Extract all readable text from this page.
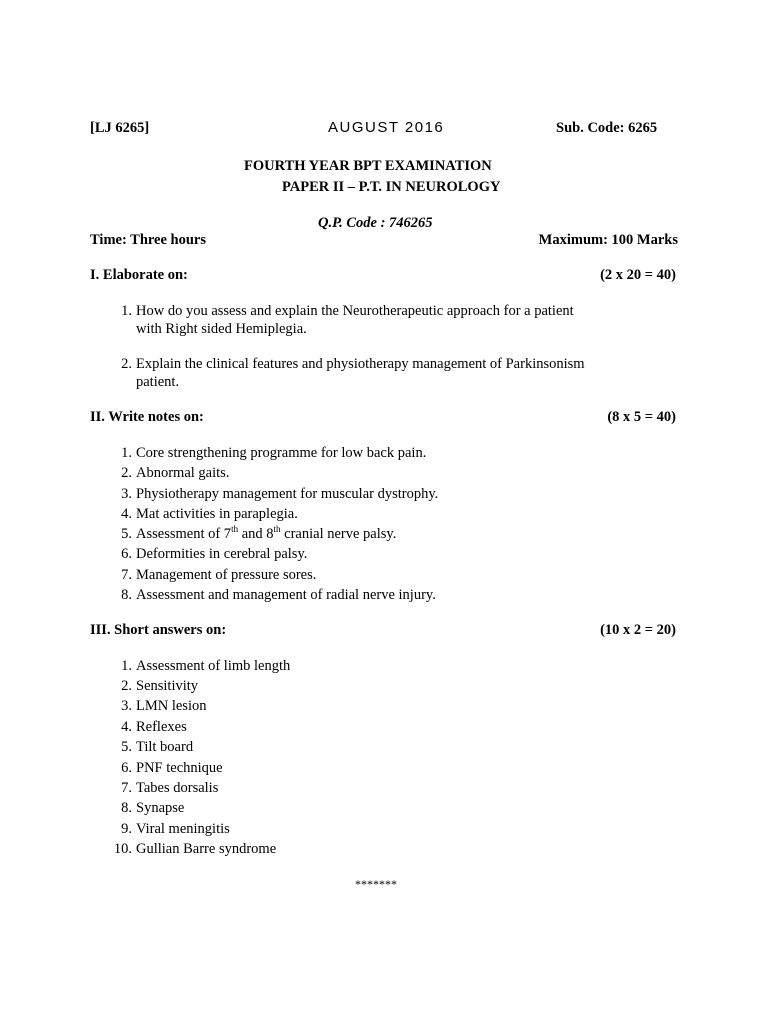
[LJ 6265]	AUGUST 2016	Sub. Code: 6265
FOURTH YEAR BPT EXAMINATION
PAPER II – P.T. IN NEUROLOGY
Q.P. Code : 746265
Time: Three hours	Maximum: 100 Marks
I. Elaborate on:	(2 x 20 = 40)
1. How do you assess and explain the Neurotherapeutic approach for a patient
with Right sided Hemiplegia.
2. Explain the clinical features and physiotherapy management of Parkinsonism
patient.
II. Write notes on:	(8 x 5 = 40)
1. Core strengthening programme for low back pain.
2. Abnormal gaits.
3. Physiotherapy management for muscular dystrophy.
4. Mat activities in paraplegia.
5. Assessment of 7th and 8th cranial nerve palsy.
6. Deformities in cerebral palsy.
7. Management of pressure sores.
8. Assessment and management of radial nerve injury.
III. Short answers on:	(10 x 2 = 20)
1. Assessment of limb length
2. Sensitivity
3. LMN lesion
4. Reflexes
5. Tilt board
6. PNF technique
7. Tabes dorsalis
8. Synapse
9. Viral meningitis
10. Gullian Barre syndrome
*******
